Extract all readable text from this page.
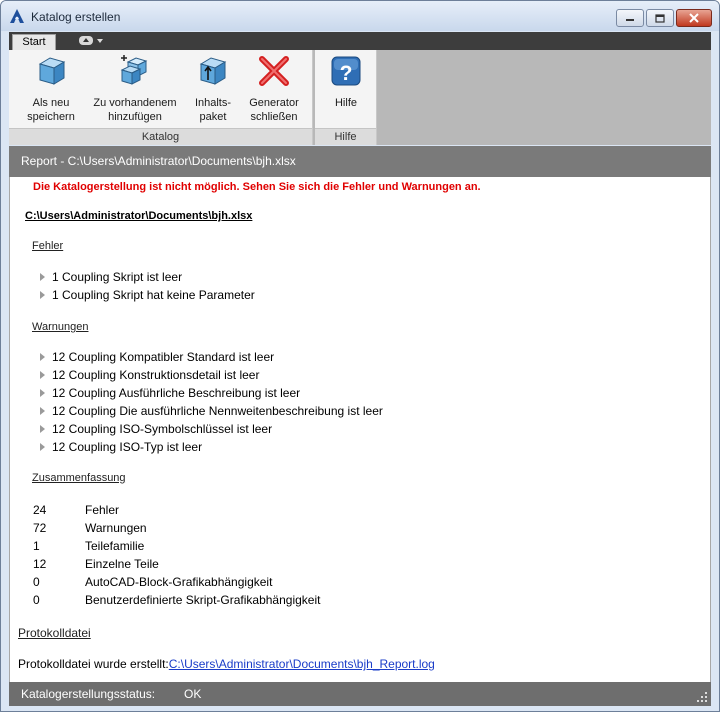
Katalog erstellen
Start
Als neu
speichern
Zu vorhandenem
hinzufügen
Inhalts-
paket
Generator
schließen
Katalog
?
Hilfe
Hilfe
Report - C:\Users\Administrator\Documents\bjh.xlsx
Die Katalogerstellung ist nicht möglich. Sehen Sie sich die Fehler und Warnungen an.
C:\Users\Administrator\Documents\bjh.xlsx
Fehler
1 Coupling Skript ist leer
1 Coupling Skript hat keine Parameter
Warnungen
12 Coupling Kompatibler Standard ist leer
12 Coupling Konstruktionsdetail ist leer
12 Coupling Ausführliche Beschreibung ist leer
12 Coupling Die ausführliche Nennweitenbeschreibung ist leer
12 Coupling ISO-Symbolschlüssel ist leer
12 Coupling ISO-Typ ist leer
Zusammenfassung
24	Fehler
72	Warnungen
1	Teilefamilie
12	Einzelne Teile
0	AutoCAD-Block-Grafikabhängigkeit
0	Benutzerdefinierte Skript-Grafikabhängigkeit
Protokolldatei
Protokolldatei wurde erstellt:C:\Users\Administrator\Documents\bjh_Report.log
Katalogerstellungsstatus: OK
